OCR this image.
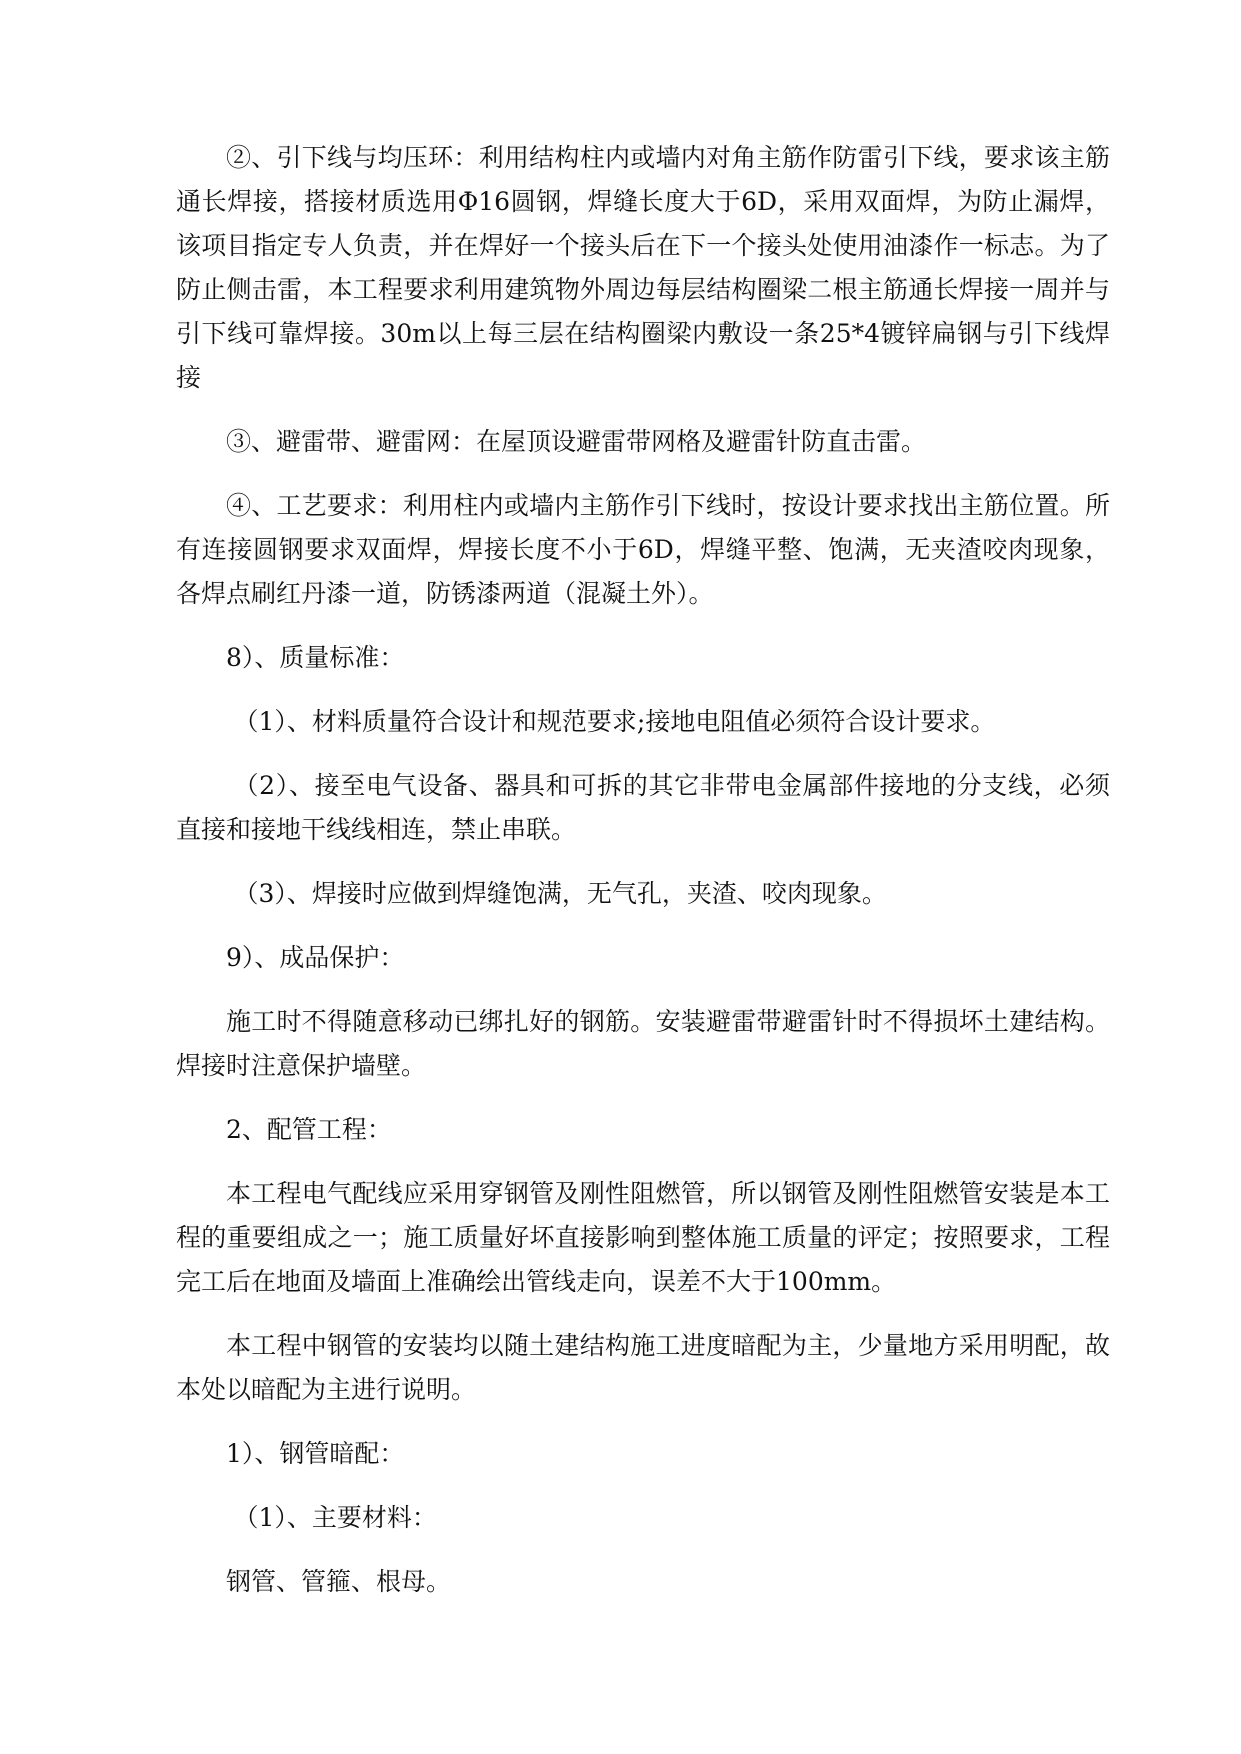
②、引下线与均压环：利用结构柱内或墙内对角主筋作防雷引下线，要求该主筋通长焊接，搭接材质选用Φ16圆钢，焊缝长度大于6D，采用双面焊，为防止漏焊，该项目指定专人负责，并在焊好一个接头后在下一个接头处使用油漆作一标志。为了防止侧击雷，本工程要求利用建筑物外周边每层结构圈梁二根主筋通长焊接一周并与引下线可靠焊接。30m以上每三层在结构圈梁内敷设一条25*4镀锌扁钢与引下线焊接

③、避雷带、避雷网：在屋顶设避雷带网格及避雷针防直击雷。

④、工艺要求：利用柱内或墙内主筋作引下线时，按设计要求找出主筋位置。所有连接圆钢要求双面焊，焊接长度不小于6D，焊缝平整、饱满，无夹渣咬肉现象，各焊点刷红丹漆一道，防锈漆两道（混凝土外）。

8）、质量标准：

（1）、材料质量符合设计和规范要求;接地电阻值必须符合设计要求。

（2）、接至电气设备、器具和可拆的其它非带电金属部件接地的分支线，必须直接和接地干线线相连，禁止串联。

（3）、焊接时应做到焊缝饱满，无气孔，夹渣、咬肉现象。

9）、成品保护：

施工时不得随意移动已绑扎好的钢筋。安装避雷带避雷针时不得损坏土建结构。焊接时注意保护墙壁。

2、配管工程：

本工程电气配线应采用穿钢管及刚性阻燃管，所以钢管及刚性阻燃管安装是本工程的重要组成之一；施工质量好坏直接影响到整体施工质量的评定；按照要求，工程完工后在地面及墙面上准确绘出管线走向，误差不大于100mm。

本工程中钢管的安装均以随土建结构施工进度暗配为主，少量地方采用明配，故本处以暗配为主进行说明。

1）、钢管暗配：

（1）、主要材料：

钢管、管箍、根母。
